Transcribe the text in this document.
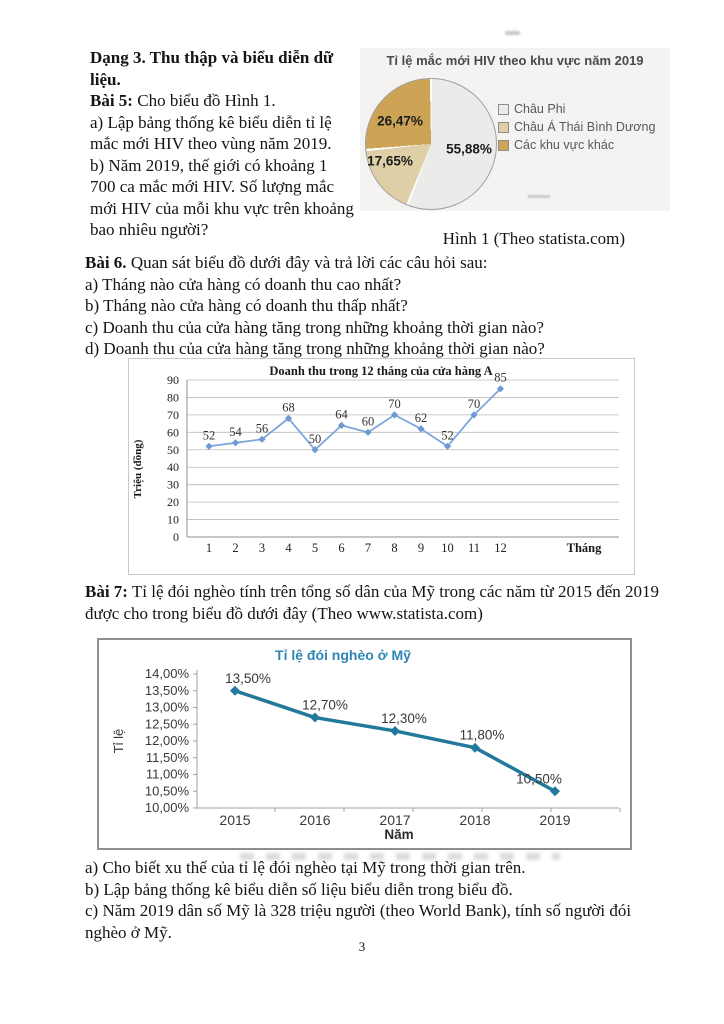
Dạng 3. Thu thập và biểu diễn dữ liệu.

Bài 5: Cho biểu đồ Hình 1.

a) Lập bảng thống kê biểu diễn tỉ lệ mắc mới HIV theo vùng năm 2019.

b) Năm 2019, thế giới có khoảng 1 700 ca mắc mới HIV. Số lượng mắc mới HIV của mỗi khu vực trên khoảng bao nhiêu người?

Tỉ lệ mắc mới HIV theo khu vực năm 2019
55,88%
17,65%
26,47%
Châu Phi
Châu Á Thái Bình Dương
Các khu vực khác
Hình 1 (Theo statista.com)

Bài 6. Quan sát biểu đồ dưới đây và trả lời các câu hỏi sau:

a) Tháng nào cửa hàng có doanh thu cao nhất?

b) Tháng nào cửa hàng có doanh thu thấp nhất?

c) Doanh thu của cửa hàng tăng trong những khoảng thời gian nào?

d) Doanh thu của cửa hàng tăng trong những khoảng thời gian nào?

Doanh thu trong 12 tháng của cửa hàng A
0
10
20
30
40
50
60
70
80
90
1 2 3 4 5 6 7 8 9 10 11 12	Tháng
Triệu (đồng)
52 54 56
68
50
64 60
70
62
52
70
85

Bài 7: Tỉ lệ đói nghèo tính trên tổng số dân của Mỹ trong các năm từ 2015 đến 2019 được cho trong biểu đồ dưới đây (Theo www.statista.com)

Tỉ lệ đói nghèo ở Mỹ
14,00%
13,50%
13,00%
12,50%
12,00%
11,50%
11,00%
10,50%
10,00%
2015	2016	2017	2018	2019
Năm
Tỉ lệ
13,50%
12,70%
12,30%
11,80%
10,50%

a) Cho biết xu thế của tỉ lệ đói nghèo tại Mỹ trong thời gian trên.

b) Lập bảng thống kê biểu diễn số liệu biểu diễn trong biểu đồ.

c) Năm 2019 dân số Mỹ là 328 triệu người (theo World Bank), tính số người đói nghèo ở Mỹ.

3
